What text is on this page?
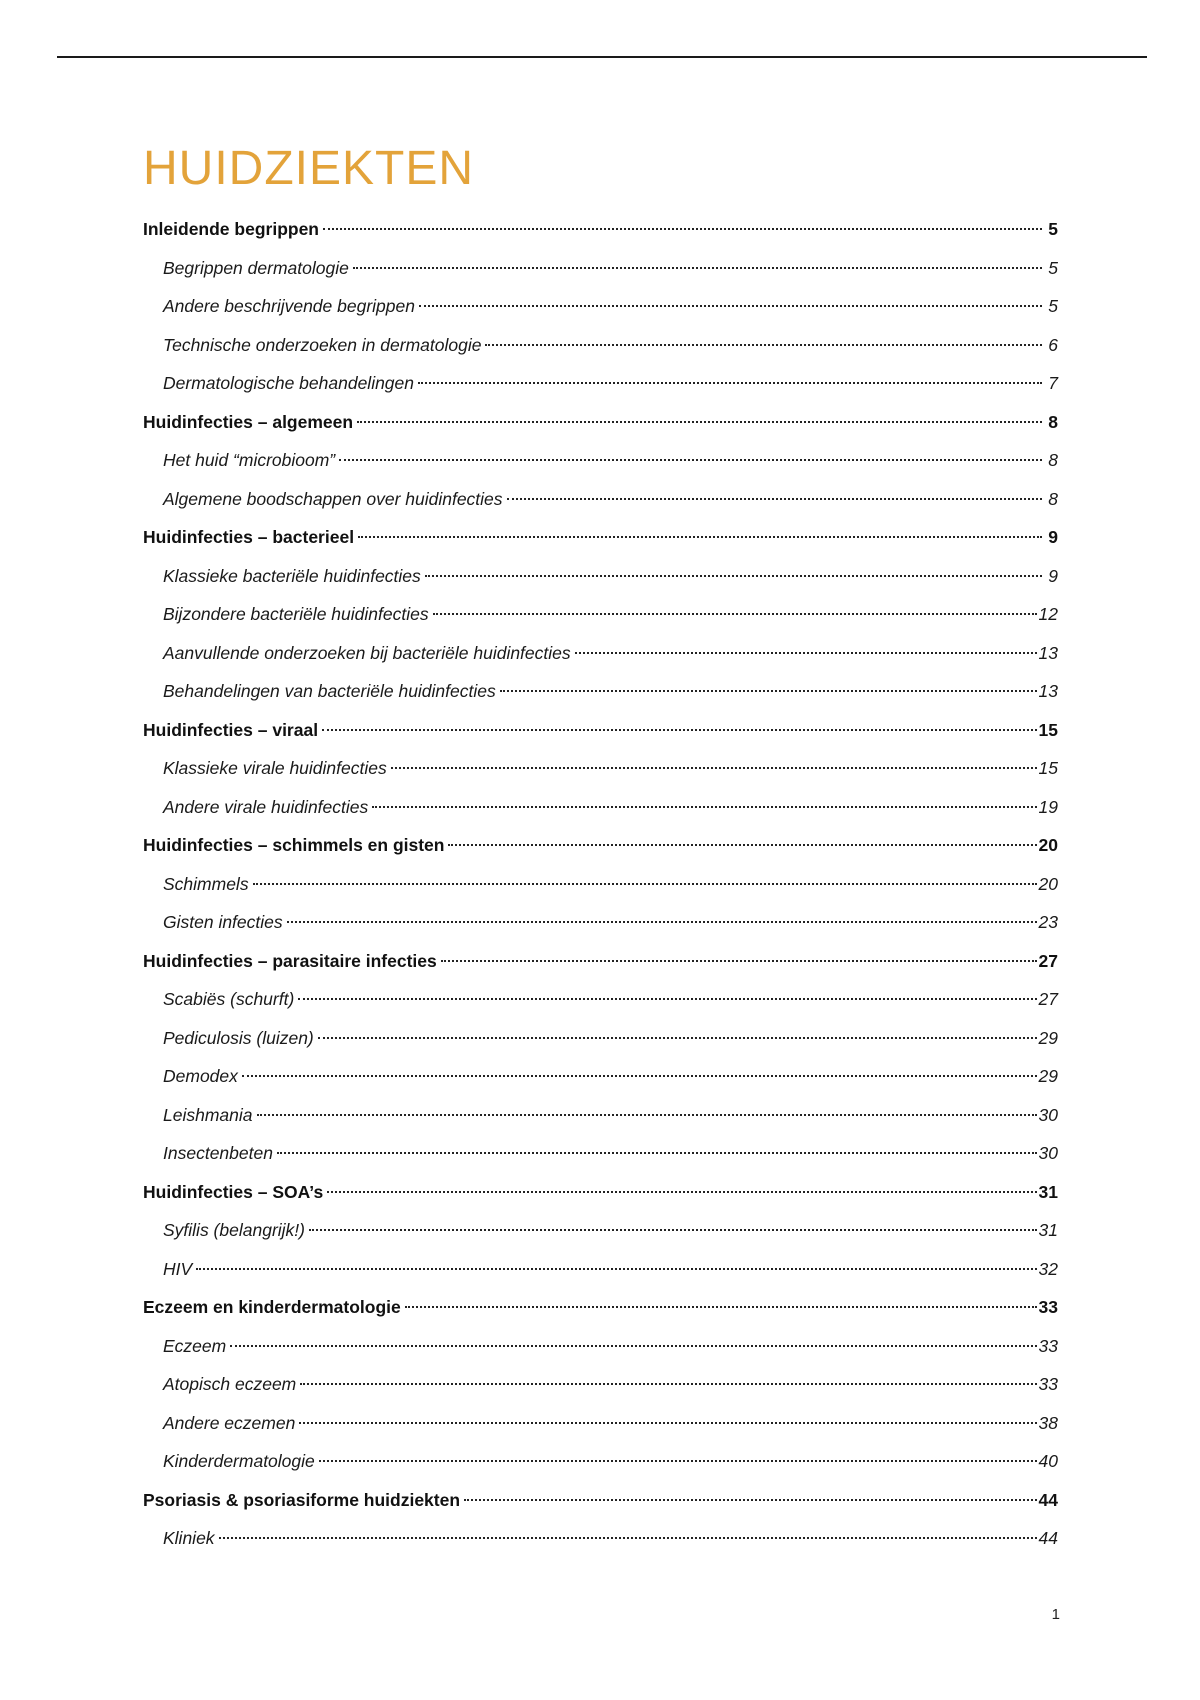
HUIDZIEKTEN
Inleidende begrippen	5
Begrippen dermatologie	5
Andere beschrijvende begrippen	5
Technische onderzoeken in dermatologie	6
Dermatologische behandelingen	7
Huidinfecties – algemeen	8
Het huid “microbioom”	8
Algemene boodschappen over huidinfecties	8
Huidinfecties – bacterieel	9
Klassieke bacteriële huidinfecties	9
Bijzondere bacteriële huidinfecties	12
Aanvullende onderzoeken bij bacteriële huidinfecties	13
Behandelingen van bacteriële huidinfecties	13
Huidinfecties – viraal	15
Klassieke virale huidinfecties	15
Andere virale huidinfecties	19
Huidinfecties – schimmels en gisten	20
Schimmels	20
Gisten infecties	23
Huidinfecties – parasitaire infecties	27
Scabiës (schurft)	27
Pediculosis (luizen)	29
Demodex	29
Leishmania	30
Insectenbeten	30
Huidinfecties – SOA’s	31
Syfilis (belangrijk!)	31
HIV	32
Eczeem en kinderdermatologie	33
Eczeem	33
Atopisch eczeem	33
Andere eczemen	38
Kinderdermatologie	40
Psoriasis & psoriasiforme huidziekten	44
Kliniek	44
1
